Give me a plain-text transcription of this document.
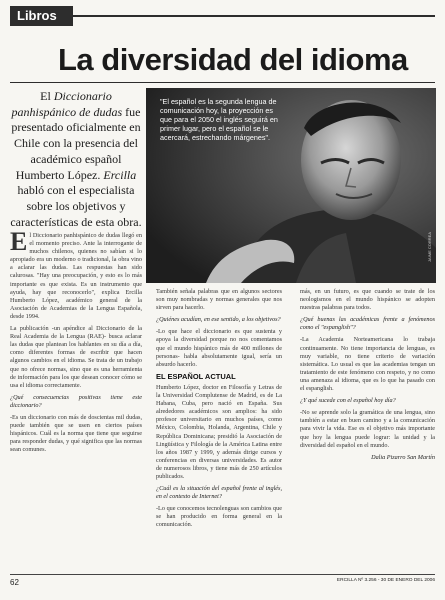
Libros
La diversidad del idioma
El Diccionario panhispánico de dudas fue presentado oficialmente en Chile con la presencia del académico español Humberto López. Ercilla habló con el especialista sobre los objetivos y características de esta obra.
"El español es la segunda lengua de comunicación hoy, la proyección es que para el 2050 el inglés seguirá en primer lugar, pero el español se le acercará, estrechando márgenes".
JAIME CORREA

El Diccionario panhispánico de dudas llegó en el momento preciso. Ante la interrogante de muchos chilenos, quienes no sabían si lo apropiado era un moderno o tradicional, la obra vino a aclarar las dudas. Las respuestas han sido calurosas. "Hay una preocupación, y esto es lo más importante es que exista. Es un instrumento que ayuda, hay que reconocerlo", explica Ercilla Humberto López, académico general de la Asociación de Academias de la Lengua Española, desde 1994.

La publicación -un apéndice al Diccionario de la Real Academia de la Lengua (RAE)- busca aclarar las dudas que plantean los hablantes en su día a día, como diferentes formas de escribir que hacen algunos cambios en el idioma. Se trata de un trabajo que no ofrece normas, sino que es una herramienta de información para los que desean conocer cómo se usa el idioma correctamente.

¿Qué consecuencias positivas tiene este diccionario?

-Es un diccionario con más de doscientas mil dudas, puede también que se usen en ciertos países hispánicos. Cuál es la norma que tiene que seguirse para responder dudas, y qué significa que las normas sean comunes.

También señala palabras que en algunos sectores son muy nombradas y normas generales que nos sirven para hacerlo.

¿Quiénes acudían, en ese sentido, a los objetivos?

-Lo que hace el diccionario es que sustenta y apoya la diversidad porque no nos comentamos que el mundo hispánico más de 400 millones de personas- habla absolutamente igual, sería un absurdo hacerlo.

EL ESPAÑOL ACTUAL

Humberto López, doctor en Filosofía y Letras de la Universidad Complutense de Madrid, es de La Habana, Cuba, pero nació en España. Sus alrededores académicos son amplios: ha sido profesor universitario en muchos países, como México, Colombia, Holanda, Argentina, Chile y República Dominicana; presidió la Asociación de Lingüística y Filología de la América Latina entre los años 1987 y 1999, y además dirige cursos y conferencias en diversas universidades. Es autor de numerosos libros, y tiene más de 250 artículos publicados.

¿Cuál es la situación del español frente al inglés, en el contexto de Internet?

-Lo que conocemos tecnolenguas son cambios que se han producido en forma general en la comunicación.

más, en un futuro, es que cuando se trate de los neologismos en el mundo hispánico se adopten nuestras palabras para todos.

¿Qué buenas las académicas frente a fenómenos como el "espanglish"?

-La Academia Norteamericana lo trabaja continuamente. No tiene importancia de lenguas, es muy variable, no tiene criterio de variación sistemática. Lo usual es que las academias tengan un tratamiento de este fenómeno con respeto, y no como una amenaza al idioma, que es lo que ha pasado con el espanglish.

¿Y qué sucede con el español hoy día?

-No se aprende solo la gramática de una lengua, sino también a estar en buen camino y a la comunicación para vivir la vida. Ese es el objetivo más importante que hoy la lengua puede lograr: la unidad y la diversidad del español en el mundo.

Dalia Pizarro San Martín
62	ERCILLA Nº 3.256 - 30 DE ENERO DEL 2006
